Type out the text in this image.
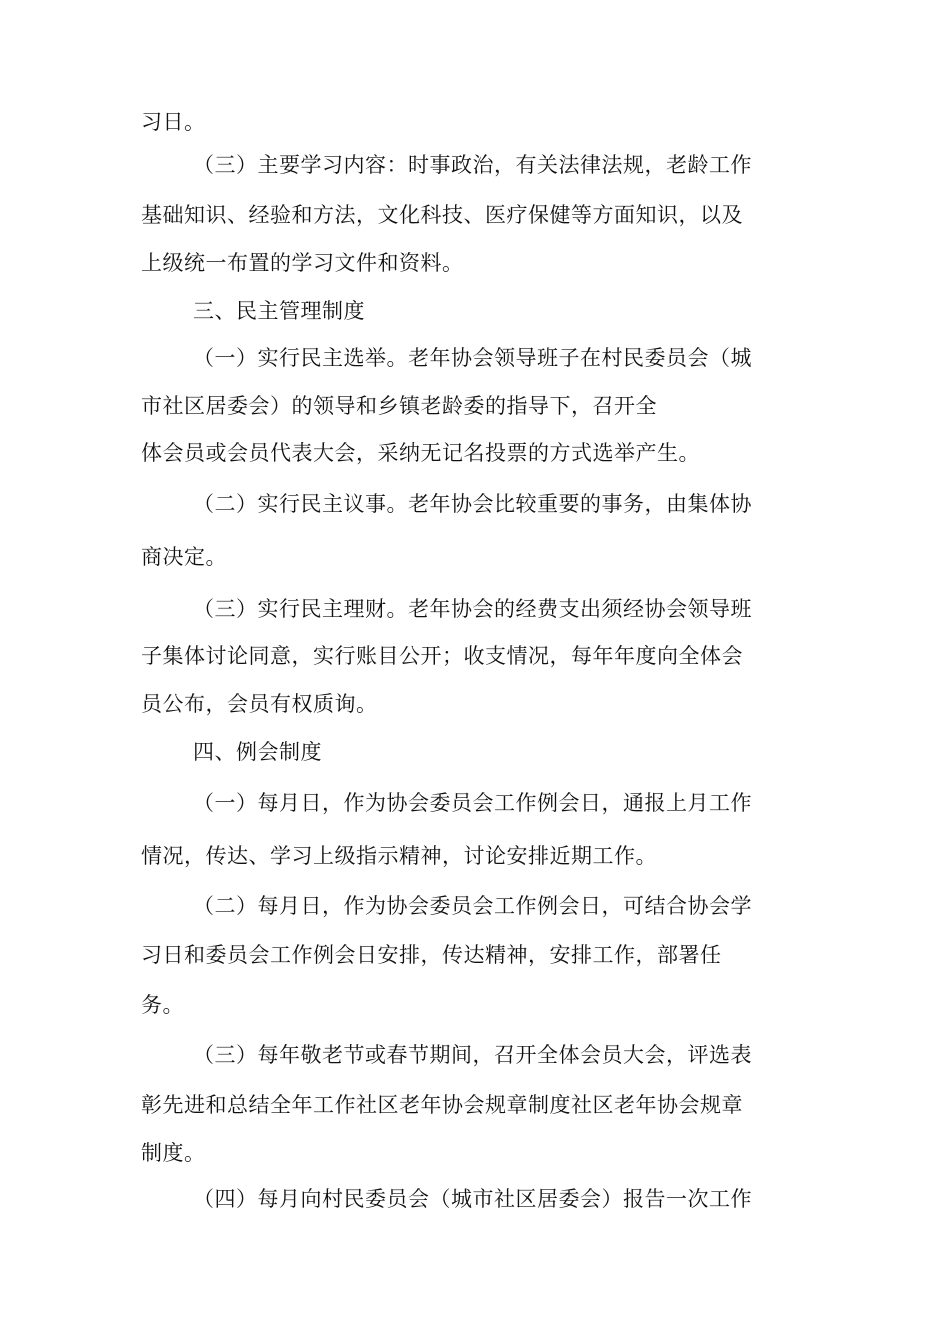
习日。
（三）主要学习内容：时事政治，有关法律法规，老龄工作
基础知识、经验和方法，文化科技、医疗保健等方面知识，以及
上级统一布置的学习文件和资料。
三、民主管理制度
（一）实行民主选举。老年协会领导班子在村民委员会（城
市社区居委会）的领导和乡镇老龄委的指导下，召开全
体会员或会员代表大会，采纳无记名投票的方式选举产生。
（二）实行民主议事。老年协会比较重要的事务，由集体协
商决定。
（三）实行民主理财。老年协会的经费支出须经协会领导班
子集体讨论同意，实行账目公开；收支情况，每年年度向全体会
员公布，会员有权质询。
四、例会制度
（一）每月日，作为协会委员会工作例会日，通报上月工作
情况，传达、学习上级指示精神，讨论安排近期工作。
（二）每月日，作为协会委员会工作例会日，可结合协会学
习日和委员会工作例会日安排，传达精神，安排工作，部署任
务。
（三）每年敬老节或春节期间，召开全体会员大会，评选表
彰先进和总结全年工作社区老年协会规章制度社区老年协会规章
制度。
（四）每月向村民委员会（城市社区居委会）报告一次工作
